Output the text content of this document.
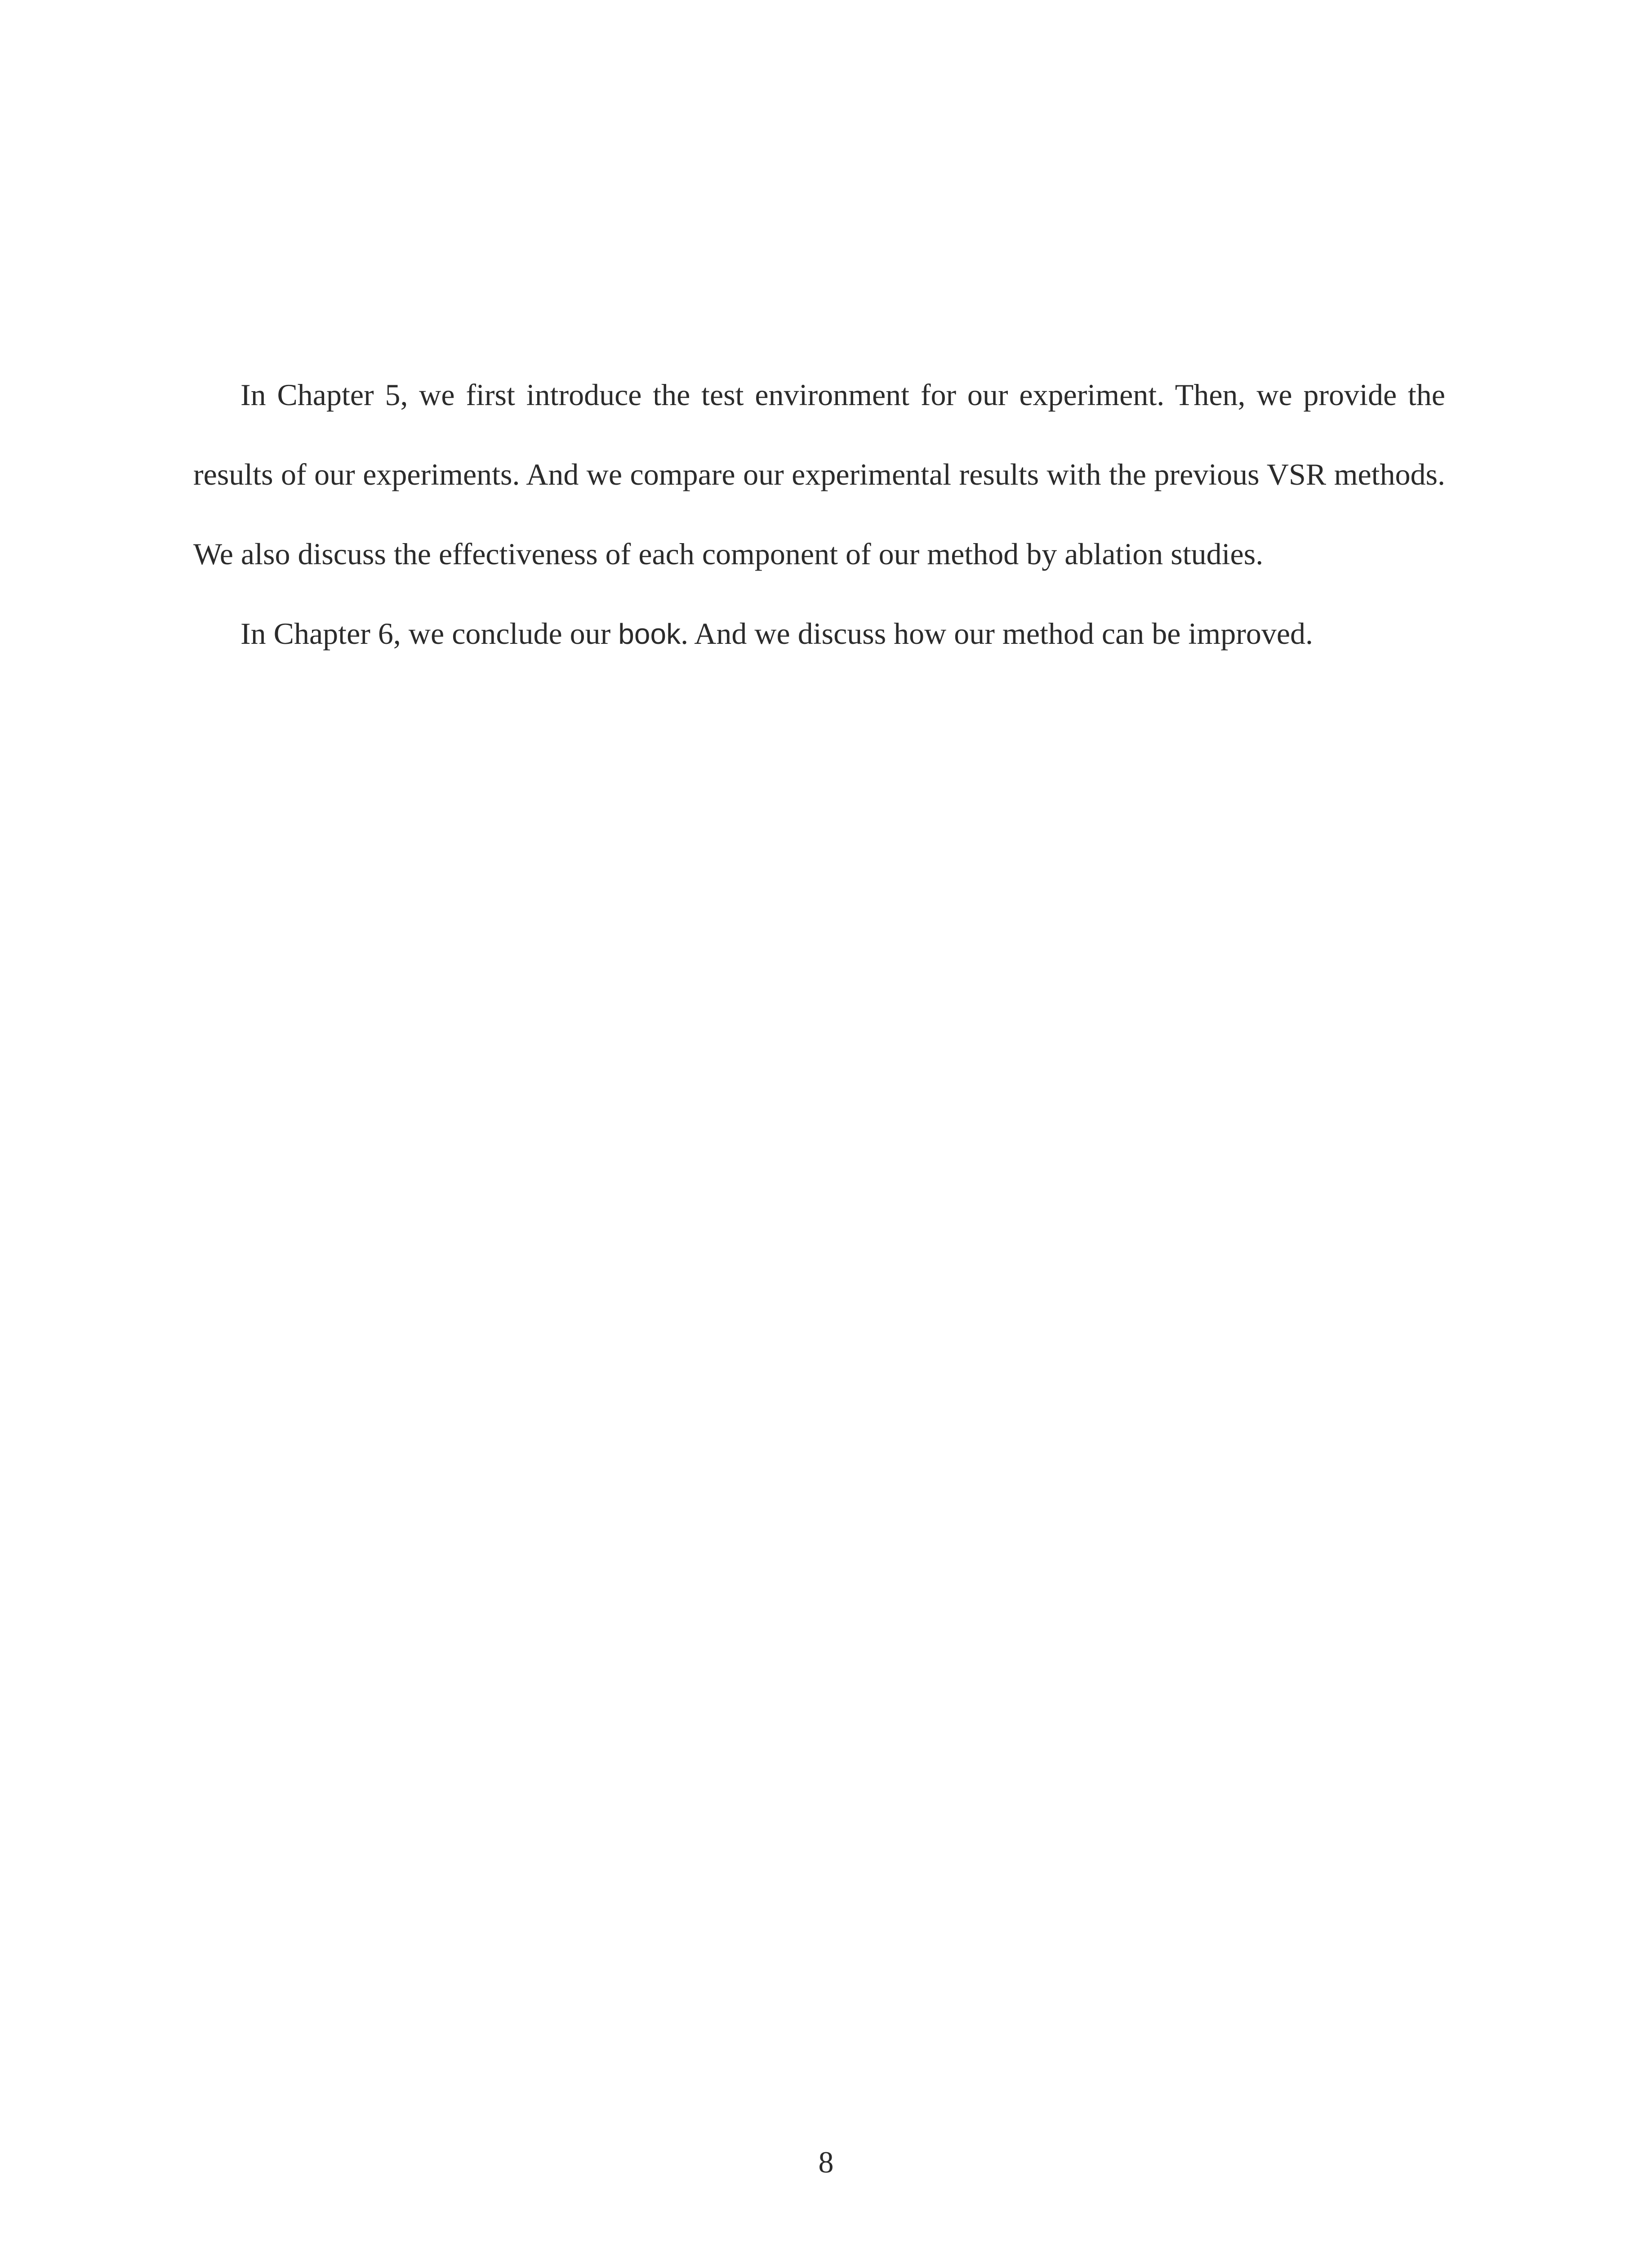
In Chapter 5, we first introduce the test environment for our experiment. Then, we provide the results of our experiments. And we compare our experimental results with the previous VSR methods. We also discuss the effectiveness of each component of our method by ablation studies.

In Chapter 6, we conclude our book. And we discuss how our method can be improved.

8
